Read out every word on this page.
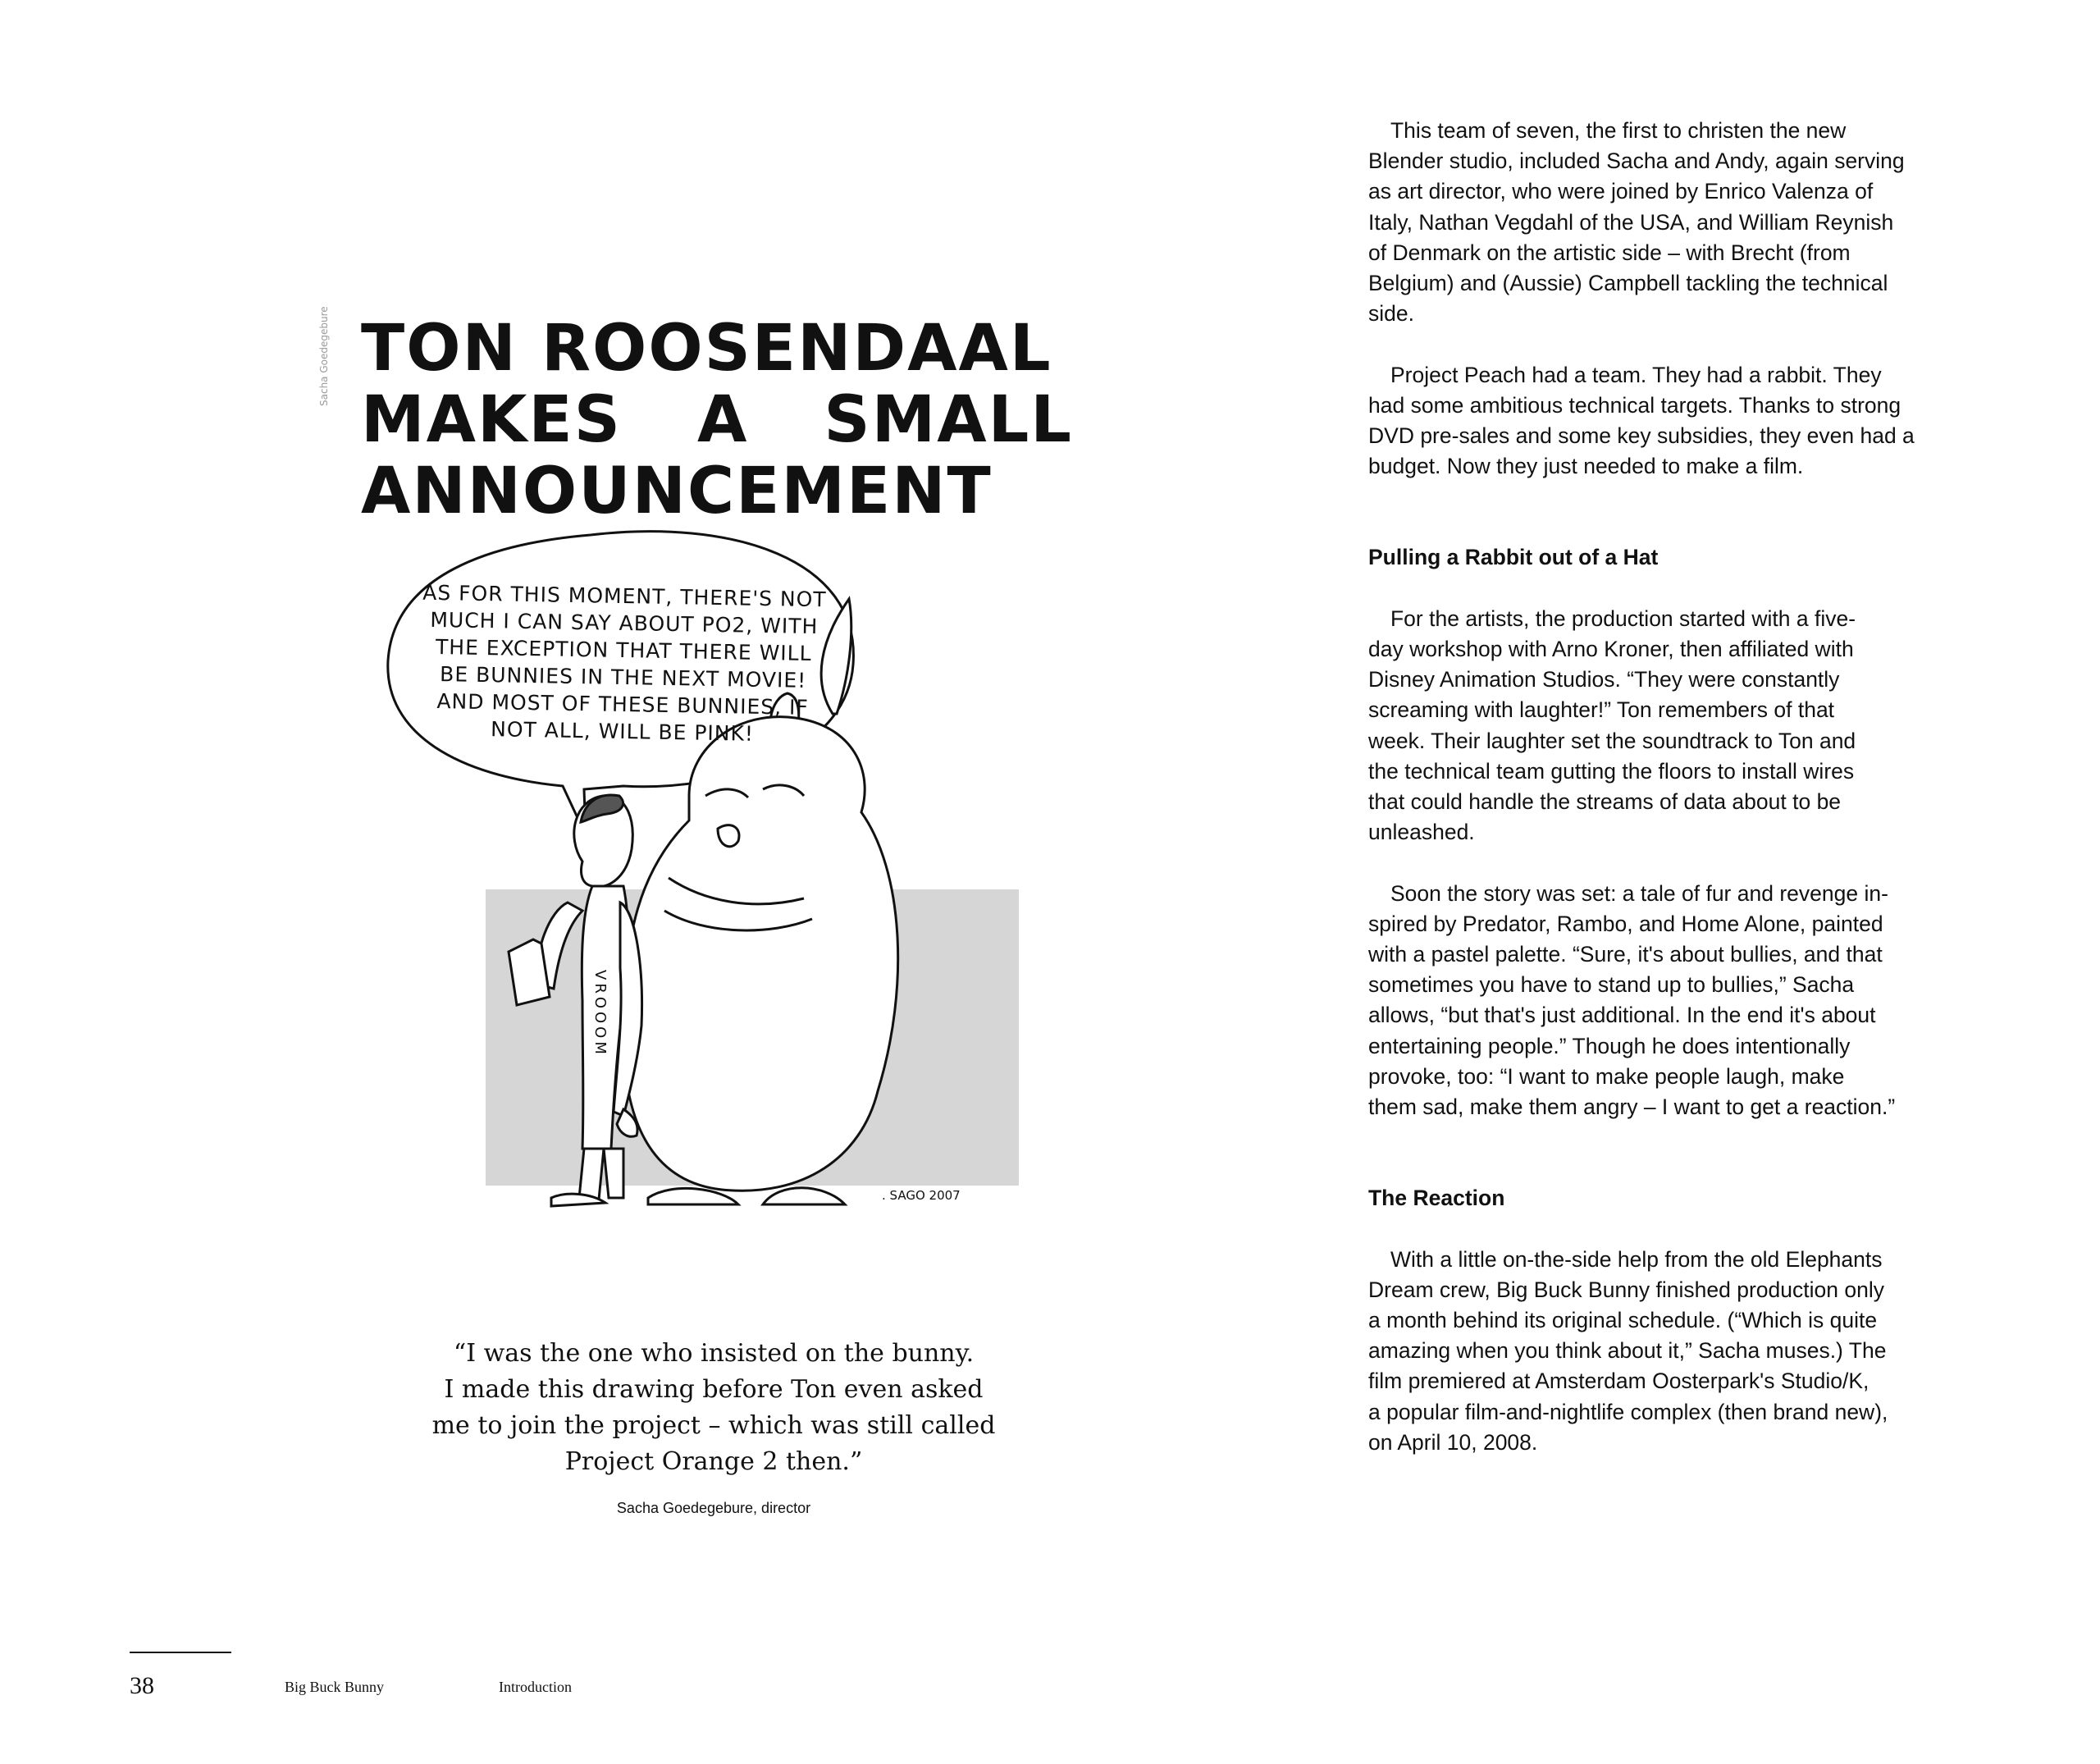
Sacha Goedegebure TON ROOSENDAAL
MAKES A SMALL
ANNOUNCEMENT
AS FOR THIS MOMENT, THERE'S NOT
MUCH I CAN SAY ABOUT PO2, WITH
THE EXCEPTION THAT THERE WILL
BE BUNNIES IN THE NEXT MOVIE!
AND MOST OF THESE BUNNIES, IF
NOT ALL, WILL BE PINK!
VROOOM
. SAGO 2007
“I was the one who insisted on the bunny.
I made this drawing before Ton even asked
me to join the project – which was still called
Project Orange 2 then.”
Sacha Goedegebure, director
38	Big Buck Bunny	Introduction

This team of seven, the first to christen the new

Blender studio, included Sacha and Andy, again serving
as art director, who were joined by Enrico Valenza of
Italy, Nathan Vegdahl of the USA, and William Reynish
of Denmark on the artistic side – with Brecht (from
Belgium) and (Aussie) Campbell tackling the technical
side.

Project Peach had a team. They had a rabbit. They

had some ambitious technical targets. Thanks to strong
DVD pre-sales and some key subsidies, they even had a
budget. Now they just needed to make a film.
Pulling a Rabbit out of a Hat

For the artists, the production started with a five-

day workshop with Arno Kroner, then affiliated with
Disney Animation Studios. “They were constantly
screaming with laughter!” Ton remembers of that
week. Their laughter set the soundtrack to Ton and
the technical team gutting the floors to install wires
that could handle the streams of data about to be
unleashed.

Soon the story was set: a tale of fur and revenge in-

spired by Predator, Rambo, and Home Alone, painted
with a pastel palette. “Sure, it's about bullies, and that
sometimes you have to stand up to bullies,” Sacha
allows, “but that's just additional. In the end it's about
entertaining people.” Though he does intentionally
provoke, too: “I want to make people laugh, make
them sad, make them angry – I want to get a reaction.”
The Reaction

With a little on-the-side help from the old Elephants

Dream crew, Big Buck Bunny finished production only
a month behind its original schedule. (“Which is quite
amazing when you think about it,” Sacha muses.) The
film premiered at Amsterdam Oosterpark's Studio/K,
a popular film-and-nightlife complex (then brand new),
on April 10, 2008.
